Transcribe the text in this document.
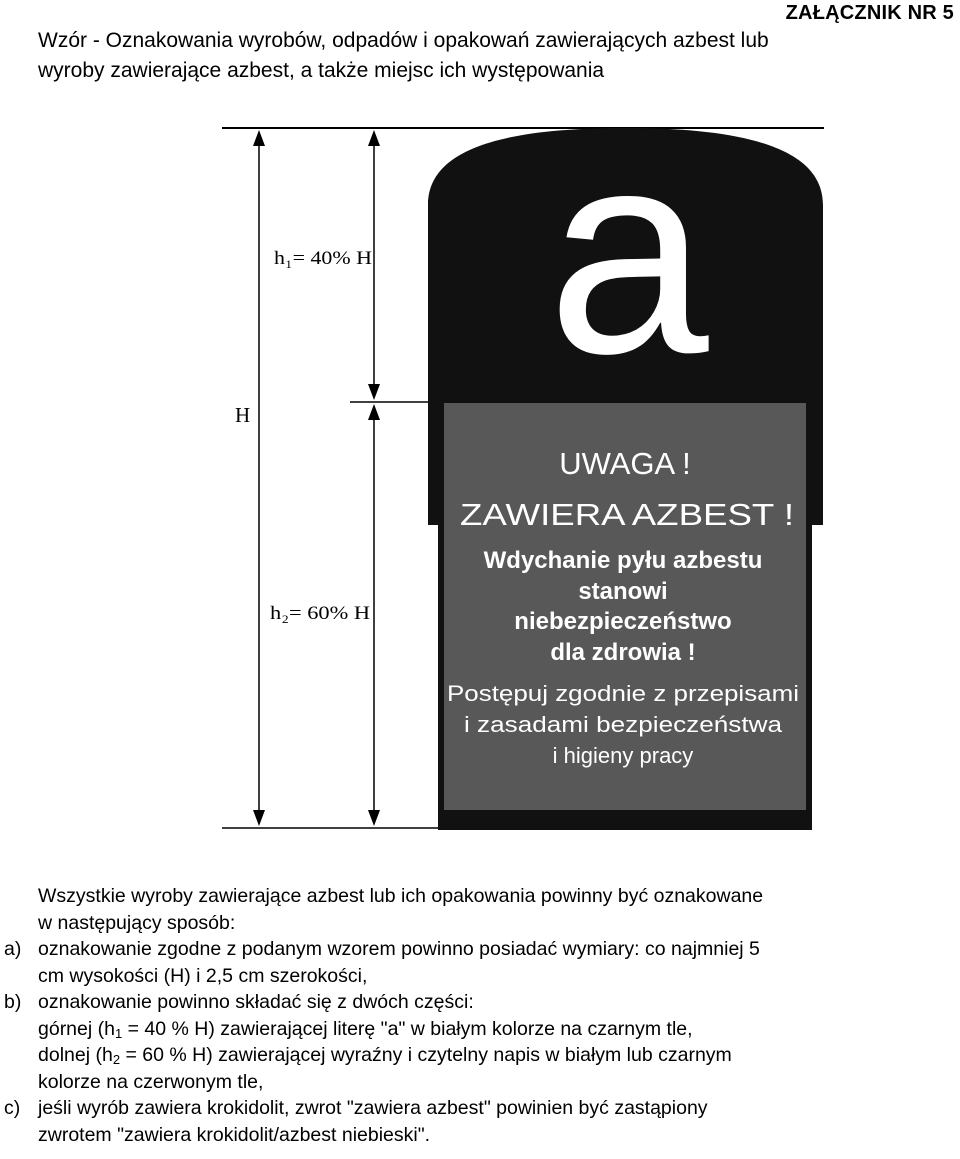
ZAŁĄCZNIK NR 5
Wzór - Oznakowania wyrobów, odpadów i opakowań zawierających azbest lub
wyroby zawierające azbest, a także miejsc ich występowania
H
h₁= 40% H
h₂= 60% H
a
UWAGA !
ZAWIERA AZBEST !
Wdychanie pyłu azbestu
stanowi
niebezpieczeństwo
dla zdrowia !
Postępuj zgodnie z przepisami
i zasadami bezpieczeństwa
i higieny pracy
Wszystkie wyroby zawierające azbest lub ich opakowania powinny być oznakowane
w następujący sposób:
a) oznakowanie zgodne z podanym wzorem powinno posiadać wymiary: co najmniej 5
cm wysokości (H) i 2,5 cm szerokości,
b) oznakowanie powinno składać się z dwóch części:
górnej ($h_1 = 40$ % H) zawierającej literę "a" w białym kolorze na czarnym tle,
dolnej ($h_2 = 60$ % H) zawierającej wyraźny i czytelny napis w białym lub czarnym
kolorze na czerwonym tle,
c) jeśli wyrób zawiera krokidolit, zwrot "zawiera azbest" powinien być zastąpiony
zwrotem "zawiera krokidolit/azbest niebieski".
